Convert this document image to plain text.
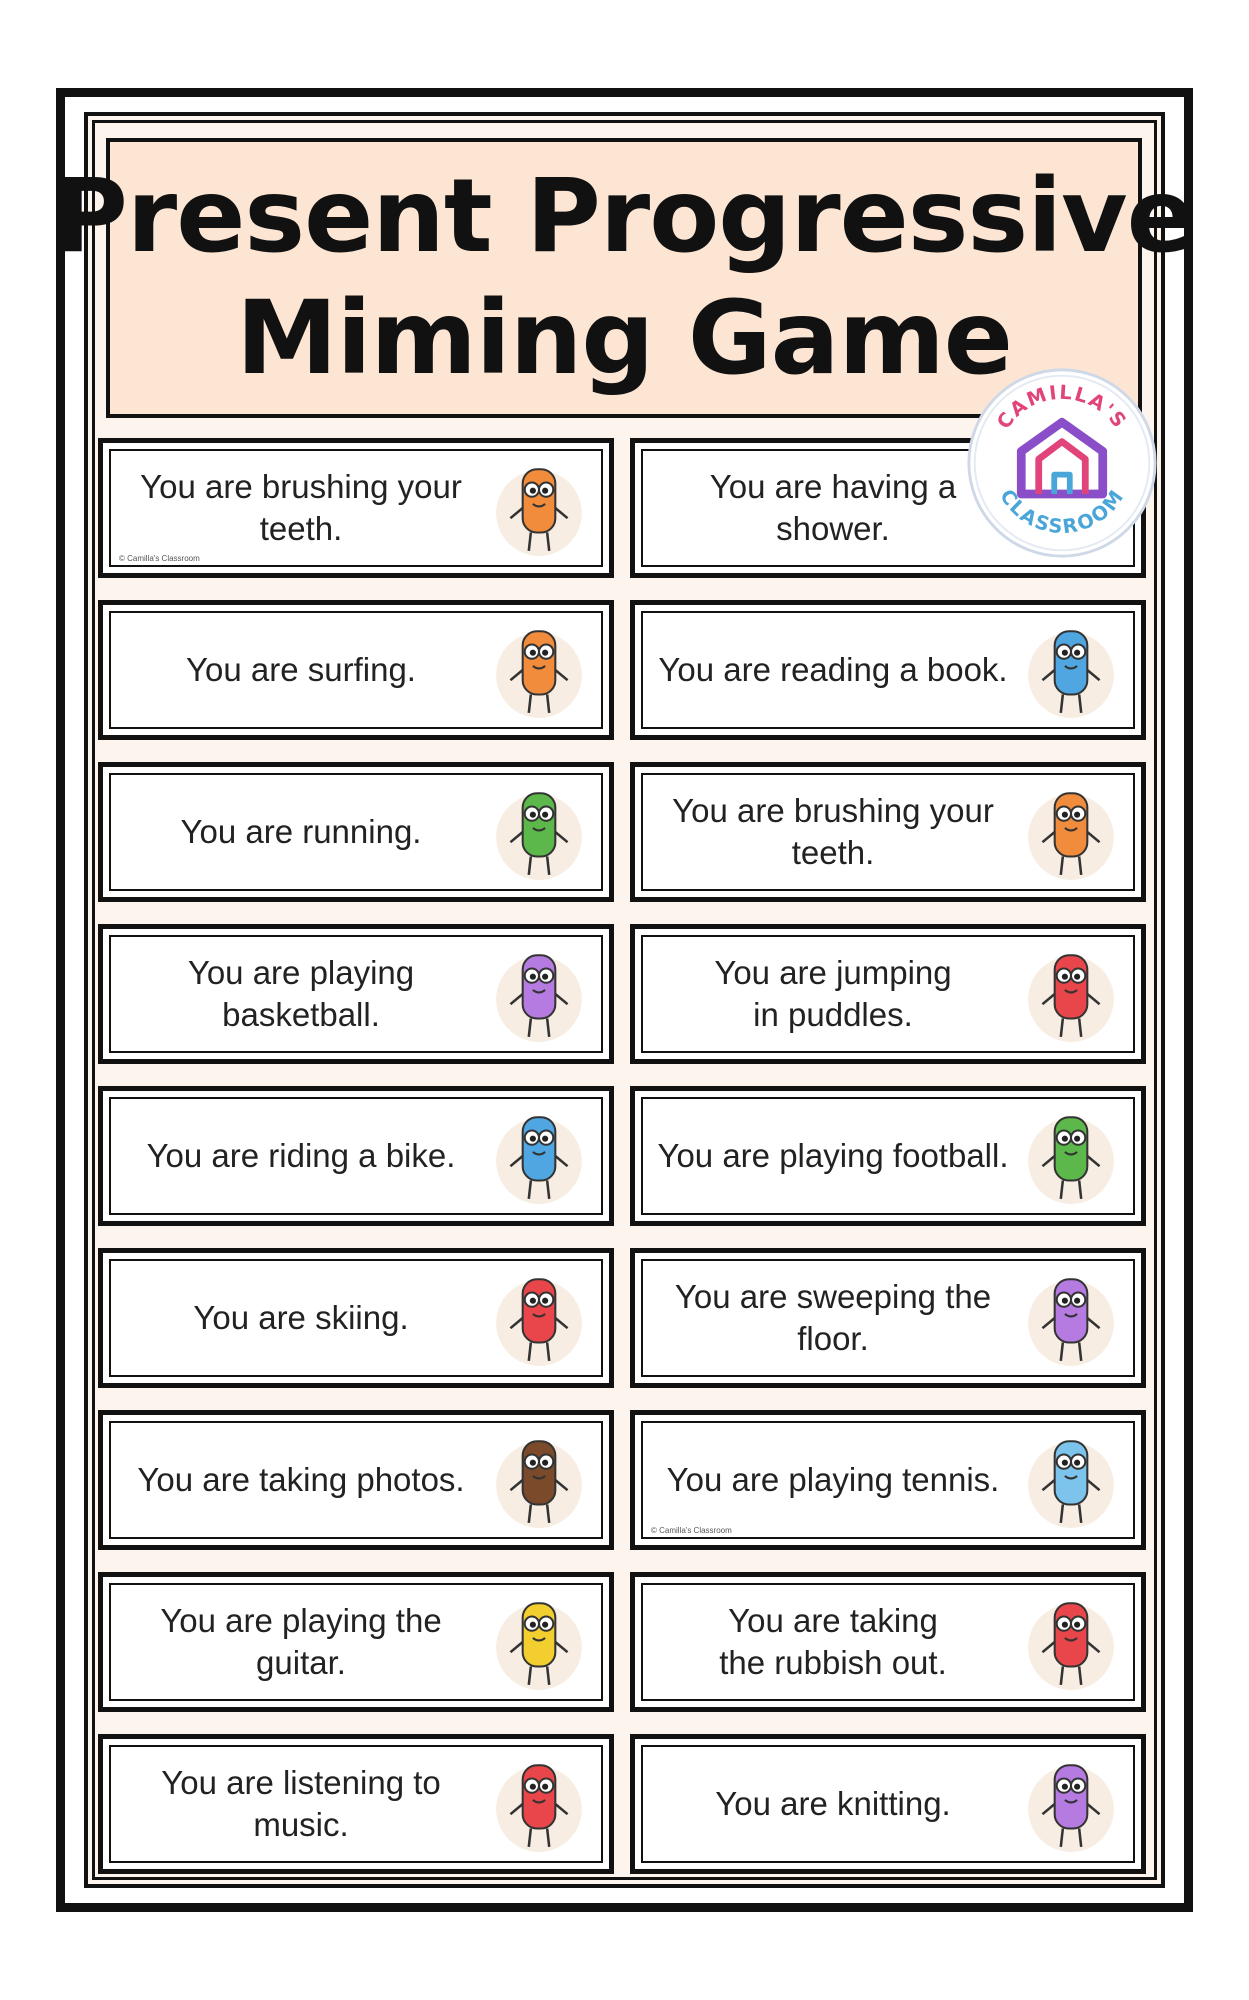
Present Progressive
Miming Game
You are brushing your teeth.
© Camilla's Classroom
You are having a shower.
You are surfing.	You are reading a book.
You are running.
You are brushing your teeth.
You are playing basketball.
You are jumping
in puddles.
You are riding a bike.	You are playing football.
You are skiing.
You are sweeping the floor.
You are taking photos.	You are playing tennis.
© Camilla's Classroom
You are playing the guitar.
You are taking
the rubbish out.
You are listening to music.
You are knitting.
CAMILLA'S
CLASSROOM
